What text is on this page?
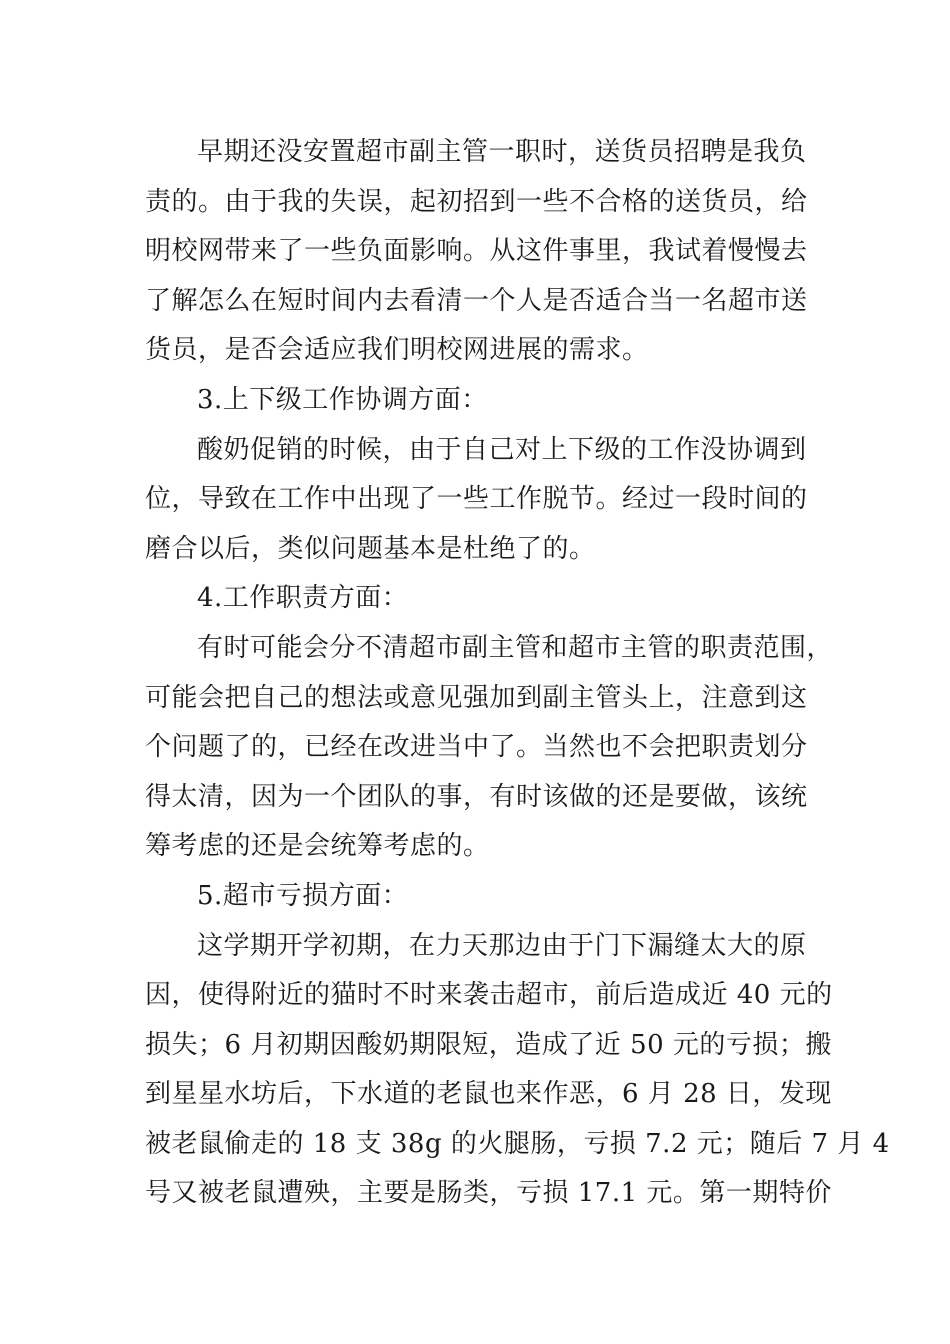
早期还没安置超市副主管一职时，送货员招聘是我负
责的。由于我的失误，起初招到一些不合格的送货员，给
明校网带来了一些负面影响。从这件事里，我试着慢慢去
了解怎么在短时间内去看清一个人是否适合当一名超市送
货员，是否会适应我们明校网进展的需求。
3.上下级工作协调方面：
酸奶促销的时候，由于自己对上下级的工作没协调到
位，导致在工作中出现了一些工作脱节。经过一段时间的
磨合以后，类似问题基本是杜绝了的。
4.工作职责方面：
有时可能会分不清超市副主管和超市主管的职责范围，
可能会把自己的想法或意见强加到副主管头上，注意到这
个问题了的，已经在改进当中了。当然也不会把职责划分
得太清，因为一个团队的事，有时该做的还是要做，该统
筹考虑的还是会统筹考虑的。
5.超市亏损方面：
这学期开学初期，在力天那边由于门下漏缝太大的原
因，使得附近的猫时不时来袭击超市，前后造成近 40 元的
损失；6 月初期因酸奶期限短，造成了近 50 元的亏损；搬
到星星水坊后，下水道的老鼠也来作恶，6 月 28 日，发现
被老鼠偷走的 18 支 38g 的火腿肠，亏损 7.2 元；随后 7 月 4
号又被老鼠遭殃，主要是肠类，亏损 17.1 元。第一期特价
